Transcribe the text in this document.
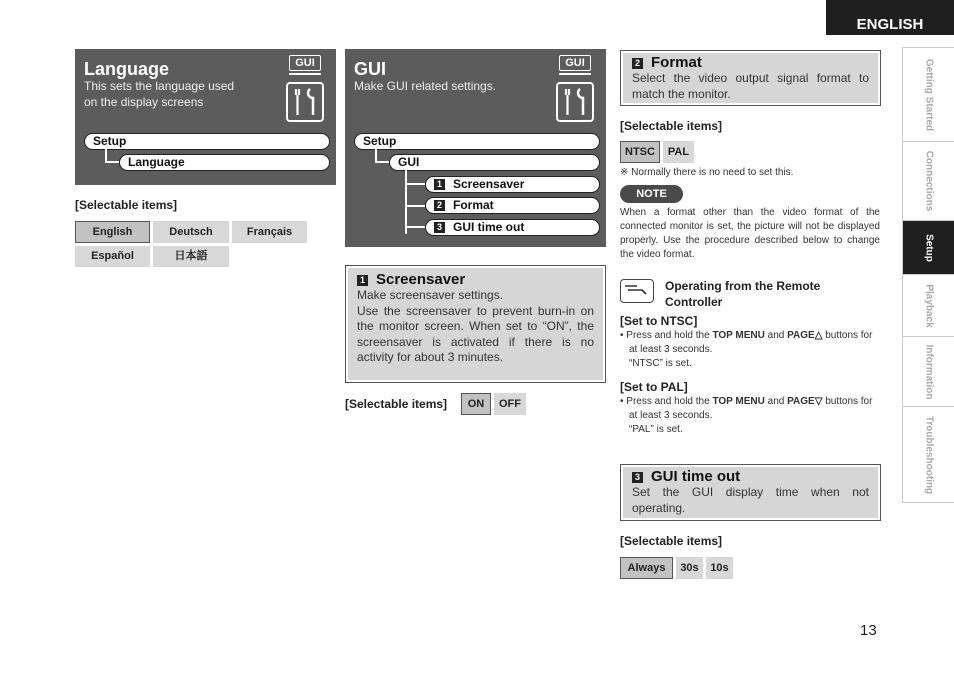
ENGLISH
Getting Started
Connections
Setup
Playback
Information
Troubleshooting
Language
This sets the language used
on the display screens
GUI
Setup
Language
[Selectable items]
English	Deutsch	Français
Español	日本語
GUI
Make GUI related settings.
GUI
Setup
GUI
1 Screensaver
2 Format
3 GUI time out
1 Screensaver
Make screensaver settings.
Use the screensaver to prevent burn-in on the monitor screen. When set to “ON”, the screensaver is activated if there is no activity for about 3 minutes.
[Selectable items]	ON	OFF
2 Format
Select the video output signal format to match the monitor.
[Selectable items]
NTSC	PAL
※ Normally there is no need to set this.
NOTE
When a format other than the video format of the connected monitor is set, the picture will not be displayed properly. Use the procedure described below to change the video format.
Operating from the Remote Controller
[Set to NTSC]
• Press and hold the TOP MENU and PAGE△ buttons for
at least 3 seconds.
“NTSC” is set.
[Set to PAL]
• Press and hold the TOP MENU and PAGE▽ buttons for
at least 3 seconds.
“PAL” is set.
3 GUI time out
Set the GUI display time when not operating.
[Selectable items]
Always	30s	10s
13
